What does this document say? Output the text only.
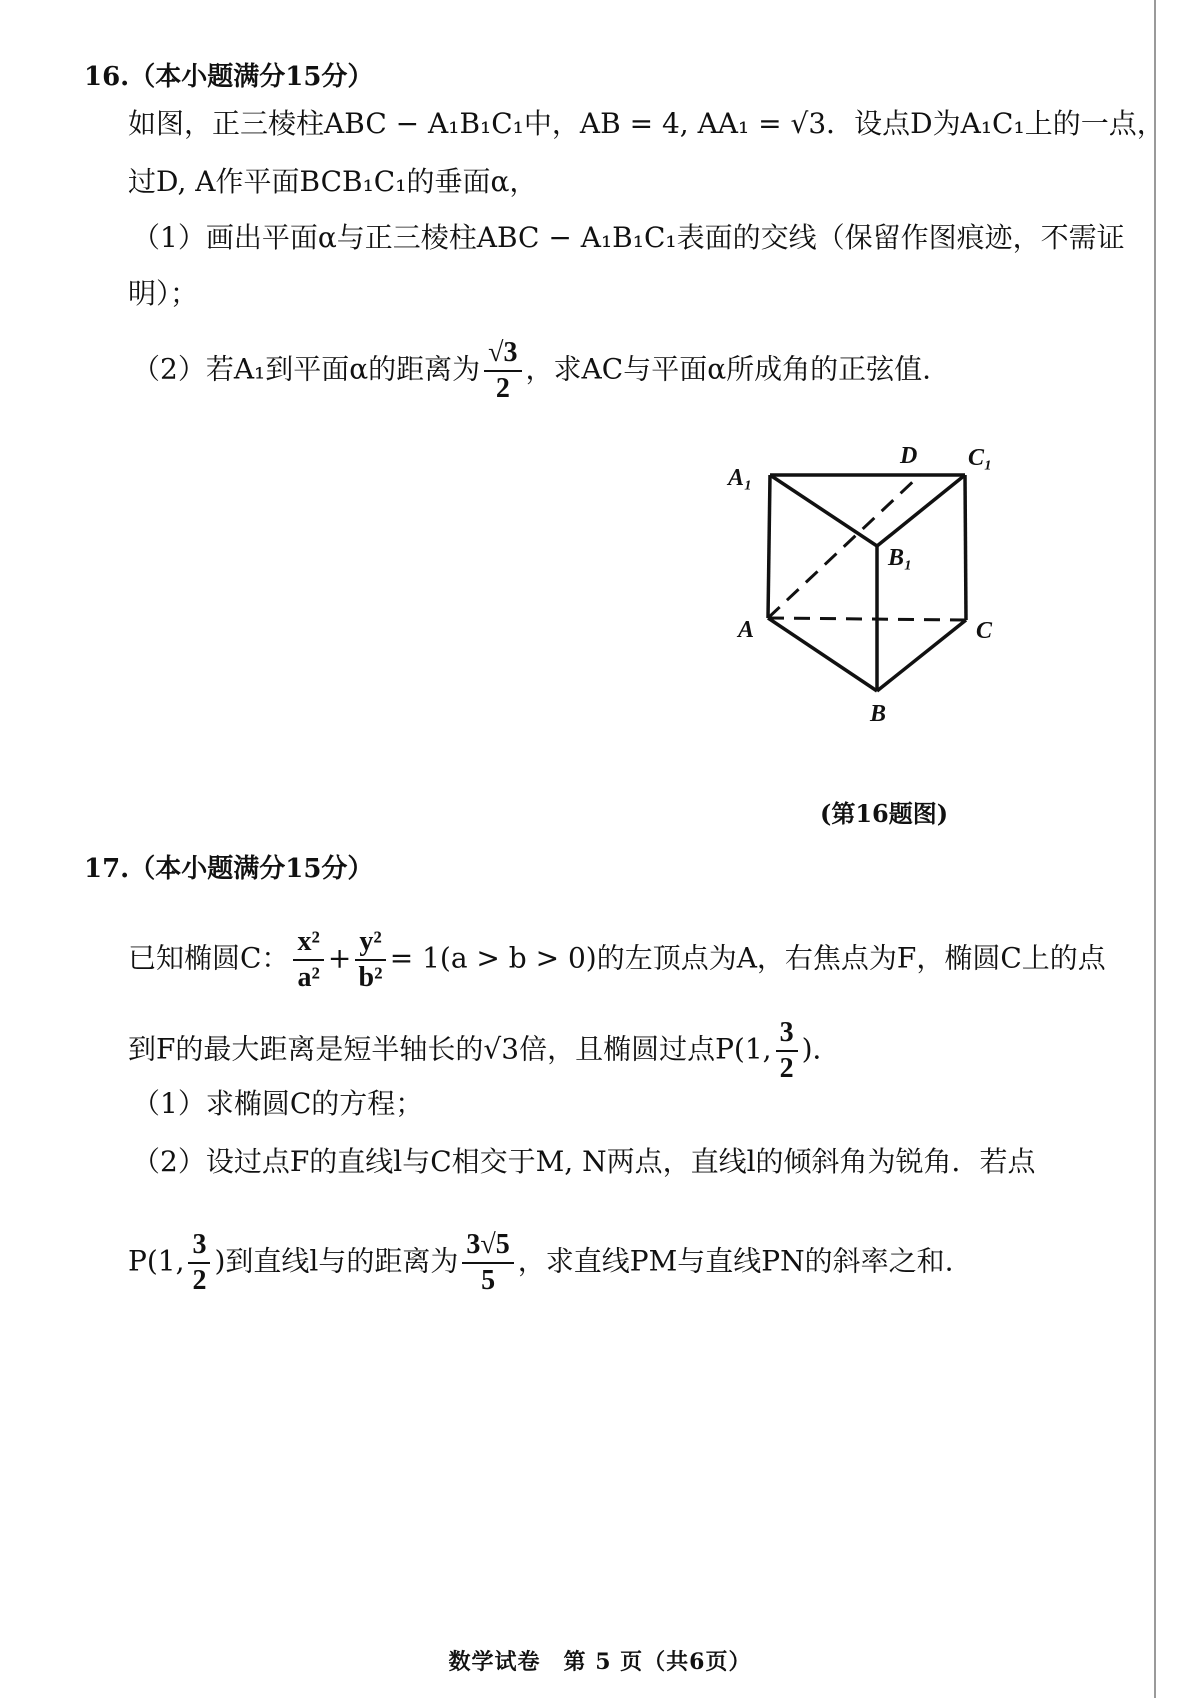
16.（本小题满分15分）
如图，正三棱柱ABC − A₁B₁C₁中，AB = 4, AA₁ = √3．设点D为A₁C₁上的一点，
过D, A作平面BCB₁C₁的垂面α，
（1）画出平面α与正三棱柱ABC − A₁B₁C₁表面的交线（保留作图痕迹，不需证
明）；
（2）若A₁到平面α的距离为 $\frac{√3}{2}$ ，求AC与平面α所成角的正弦值.
A₁
D C₁
B₁
A	C
B
(第16题图)
17.（本小题满分15分）
已知椭圆C： $\frac{\text{x²}}{\text{a²}} + \frac{\text{y²}}{\text{b²}} = 1(a > b > 0)$的左顶点为A，右焦点为F，椭圆C上的点
到F的最大距离是短半轴长的√3倍，且椭圆过点P(1, $\frac{3}{2}$ )．
（1）求椭圆C的方程；
（2）设过点F的直线l与C相交于M, N两点，直线l的倾斜角为锐角．若点
P(1, $\frac{3}{2}$ )到直线l与的距离为 $\frac{3√5}{5}$ ，求直线PM与直线PN的斜率之和.
数学试卷　第 5 页（共6页）
